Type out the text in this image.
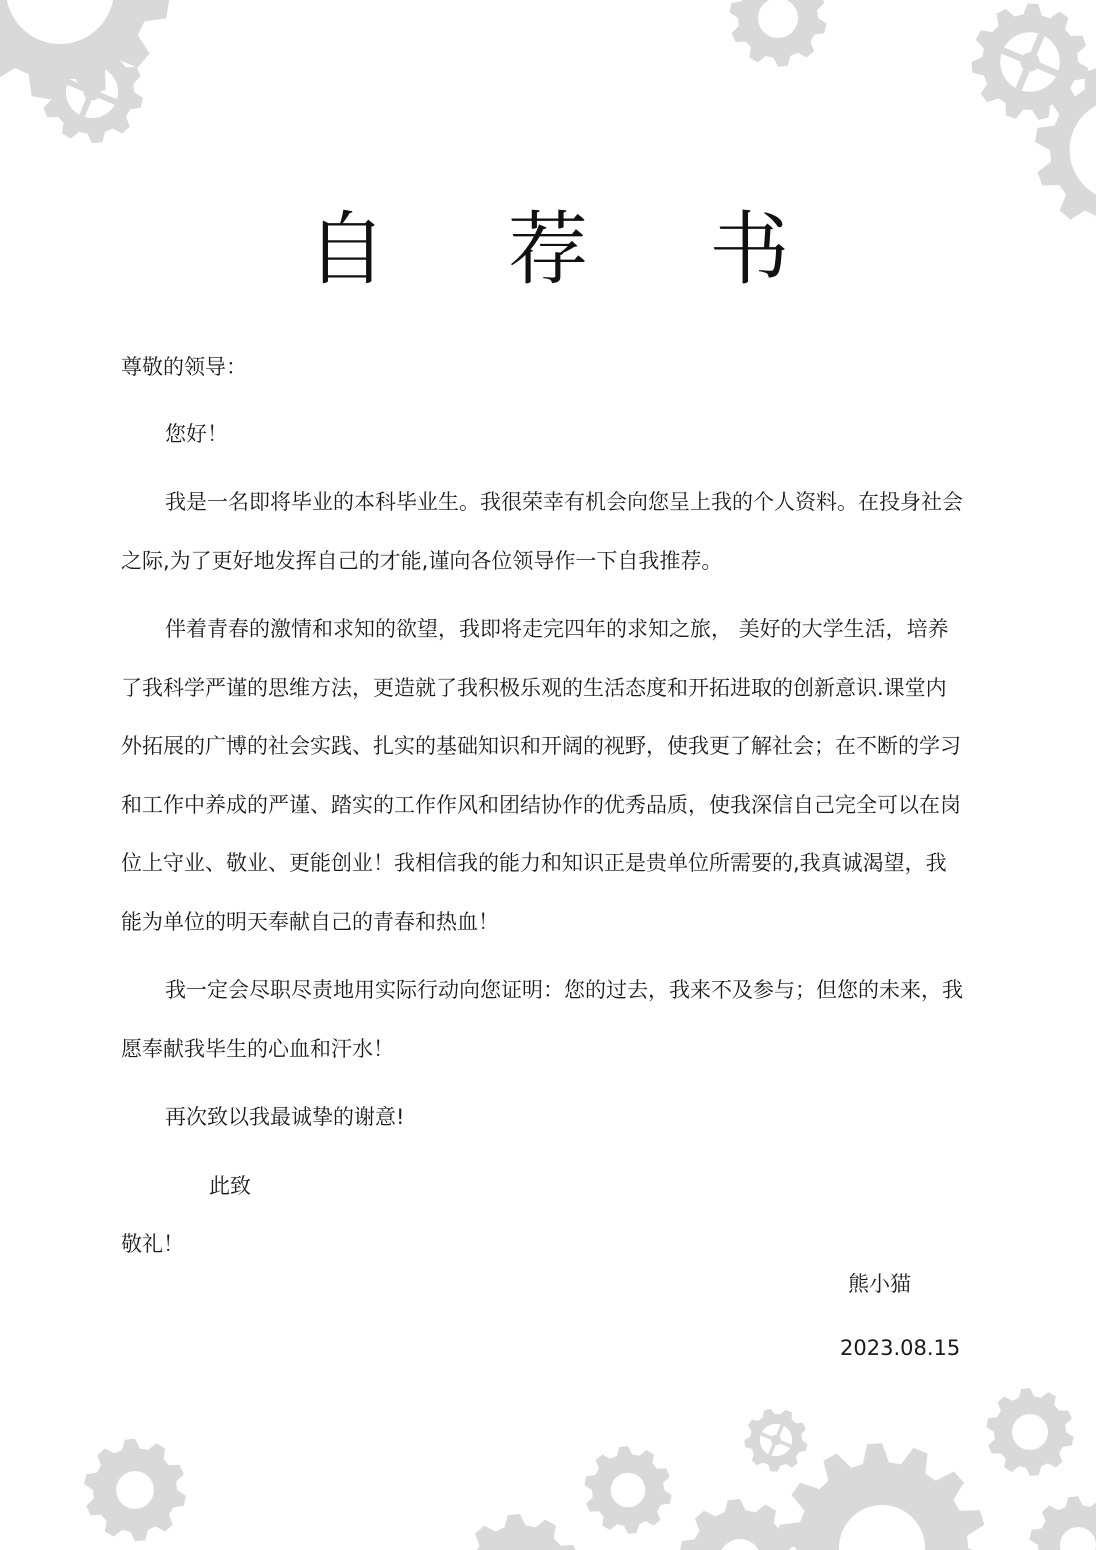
自 荐 书

尊敬的领导：

您好！

我是一名即将毕业的本科毕业生。我很荣幸有机会向您呈上我的个人资料。在投身社会之际,为了更好地发挥自己的才能,谨向各位领导作一下自我推荐。

伴着青春的激情和求知的欲望，我即将走完四年的求知之旅， 美好的大学生活，培养了我科学严谨的思维方法，更造就了我积极乐观的生活态度和开拓进取的创新意识.课堂内外拓展的广博的社会实践、扎实的基础知识和开阔的视野，使我更了解社会；在不断的学习和工作中养成的严谨、踏实的工作作风和团结协作的优秀品质，使我深信自己完全可以在岗位上守业、敬业、更能创业！我相信我的能力和知识正是贵单位所需要的,我真诚渴望，我能为单位的明天奉献自己的青春和热血！

我一定会尽职尽责地用实际行动向您证明：您的过去，我来不及参与；但您的未来，我愿奉献我毕生的心血和汗水！

再次致以我最诚挚的谢意!

此致

敬礼！

熊小猫
2023.08.15
